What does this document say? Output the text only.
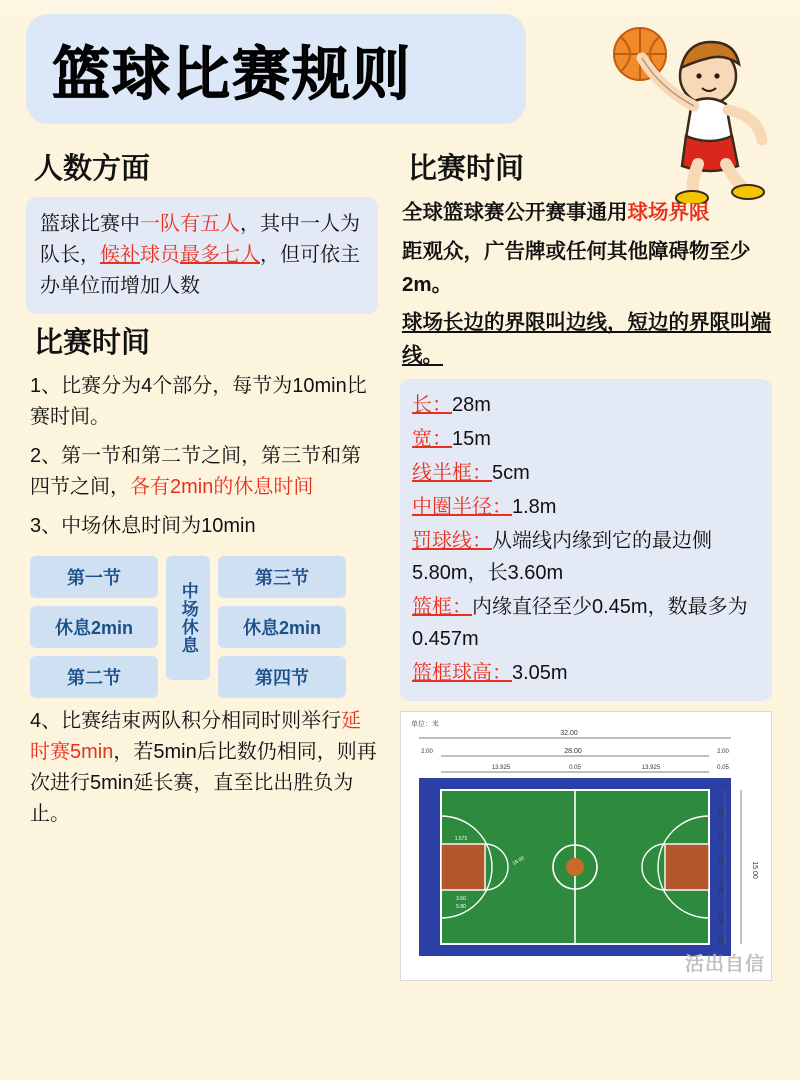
篮球比赛规则
人数方面
篮球比赛中一队有五人，其中一人为队长，候补球员最多七人，但可依主办单位而增加人数
比赛时间

1、比赛分为4个部分，每节为10min比赛时间。

2、第一节和第二节之间，第三节和第四节之间，各有2min的休息时间

3、中场休息时间为10min

第一节
休息2min
第二节
中场休息
第三节
休息2min
第四节

4、比赛结束两队积分相同时则举行延时赛5min，若5min后比数仍相同，则再次进行5min延长赛，直至比出胜负为止。

比赛时间

全球篮球赛公开赛事通用球场界限

距观众，广告牌或任何其他障碍物至少2m。

球场长边的界限叫边线，短边的界限叫端线。

长：28m
宽：15m
线半框：5cm
中圈半径：1.8m
罚球线：从端线内缘到它的最边侧5.80m，长3.60m
篮框：内缘直径至少0.45m，数最多为0.457m
篮框球高：3.05m
单位：米
32.00
28.00
2.00	2.00
13.925	0.05	13.925	0.05
1.575
19.00
3.60
5.80
15.00
2.00
6.75
4.15
6.00
6.75
2.00
活出自信
